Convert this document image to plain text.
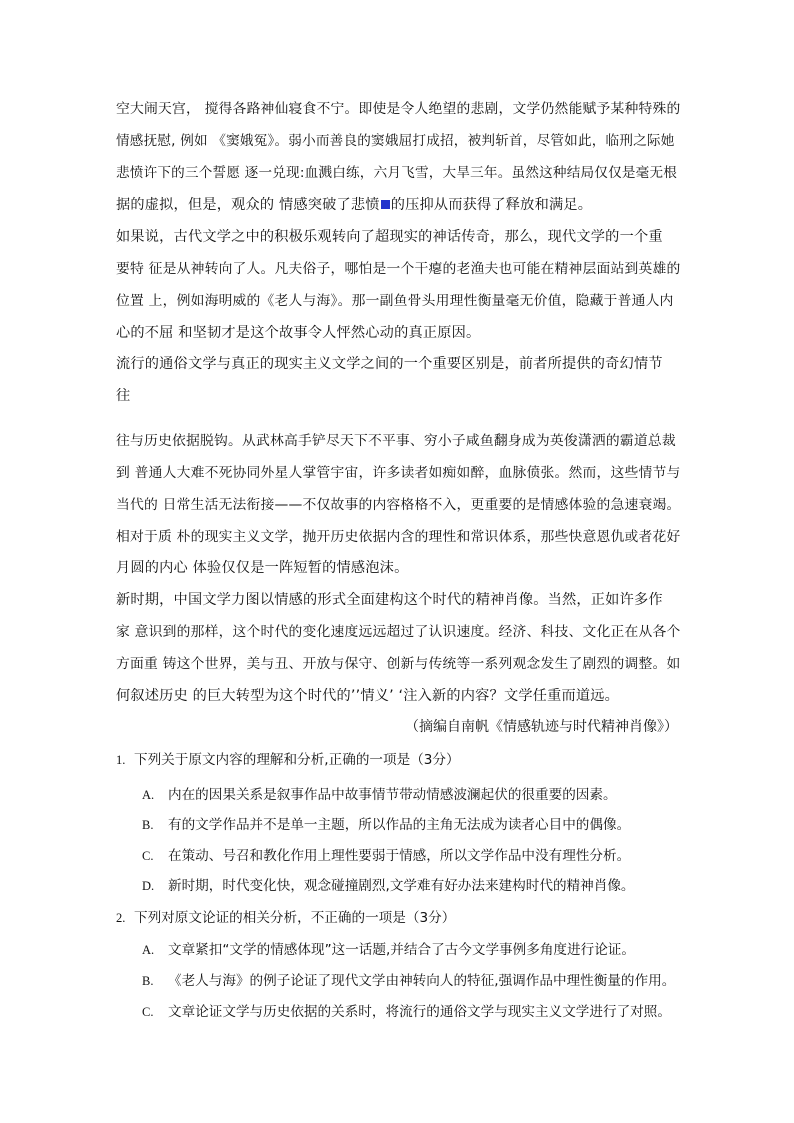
空大闹天宫， 搅得各路神仙寝食不宁。即使是令人绝望的悲剧，文学仍然能赋予某种特殊的
情感抚慰, 例如 《窦娥冤》。弱小而善良的窦娥屈打成招，被判斩首，尽管如此，临刑之际她
悲愤许下的三个誓愿 逐一兑现:血溅白练，六月飞雪，大旱三年。虽然这种结局仅仅是毫无根
据的虚拟，但是，观众的 情感突破了悲愤 的压抑从而获得了释放和满足。
如果说，古代文学之中的积极乐观转向了超现实的神话传奇，那么，现代文学的一个重
要特 征是从神转向了人。凡夫俗子，哪怕是一个干瘪的老渔夫也可能在精神层面站到英雄的
位置 上，例如海明威的《老人与海》。那一副鱼骨头用理性衡量毫无价值，隐藏于普通人内
心的不屈 和坚韧才是这个故事令人怦然心动的真正原因。
流行的通俗文学与真正的现实主义文学之间的一个重要区别是，前者所提供的奇幻情节
往
往与历史依据脱钩。从武林高手铲尽天下不平事、穷小子咸鱼翻身成为英俊潇洒的霸道总裁
到 普通人大难不死协同外星人掌管宇宙，许多读者如痴如醉，血脉偾张。然而，这些情节与
当代的 日常生活无法衔接——不仅故事的内容格格不入，更重要的是情感体验的急速衰竭。
相对于质 朴的现实主义文学，抛开历史依据内含的理性和常识体系，那些快意恩仇或者花好
月圆的内心 体验仅仅是一阵短暂的情感泡沫。
新时期，中国文学力图以情感的形式全面建构这个时代的精神肖像。当然，正如许多作
家 意识到的那样，这个时代的变化速度远远超过了认识速度。经济、科技、文化正在从各个
方面重 铸这个世界，美与丑、开放与保守、创新与传统等一系列观念发生了剧烈的调整。如
何叙述历史 的巨大转型为这个时代的’’情义’ ‘注入新的内容？文学任重而道远。
（摘编自南帆《情感轨迹与时代精神肖像》）
1. 下列关于原文内容的理解和分析,正确的一项是（3分）
A. 内在的因果关系是叙事作品中故事情节带动情感波澜起伏的很重要的因素。
B. 有的文学作品并不是单一主题，所以作品的主角无法成为读者心目中的偶像。
C. 在策动、号召和教化作用上理性要弱于情感，所以文学作品中没有理性分析。
D. 新时期，时代变化快，观念碰撞剧烈,文学难有好办法来建构时代的精神肖像。
2. 下列对原文论证的相关分析，不正确的一项是（3分）
A. 文章紧扣“文学的情感体现”这一话题,并结合了古今文学事例多角度进行论证。
B. 《老人与海》的例子论证了现代文学由神转向人的特征,强调作品中理性衡量的作用。
C. 文章论证文学与历史依据的关系时，将流行的通俗文学与现实主义文学进行了对照。
